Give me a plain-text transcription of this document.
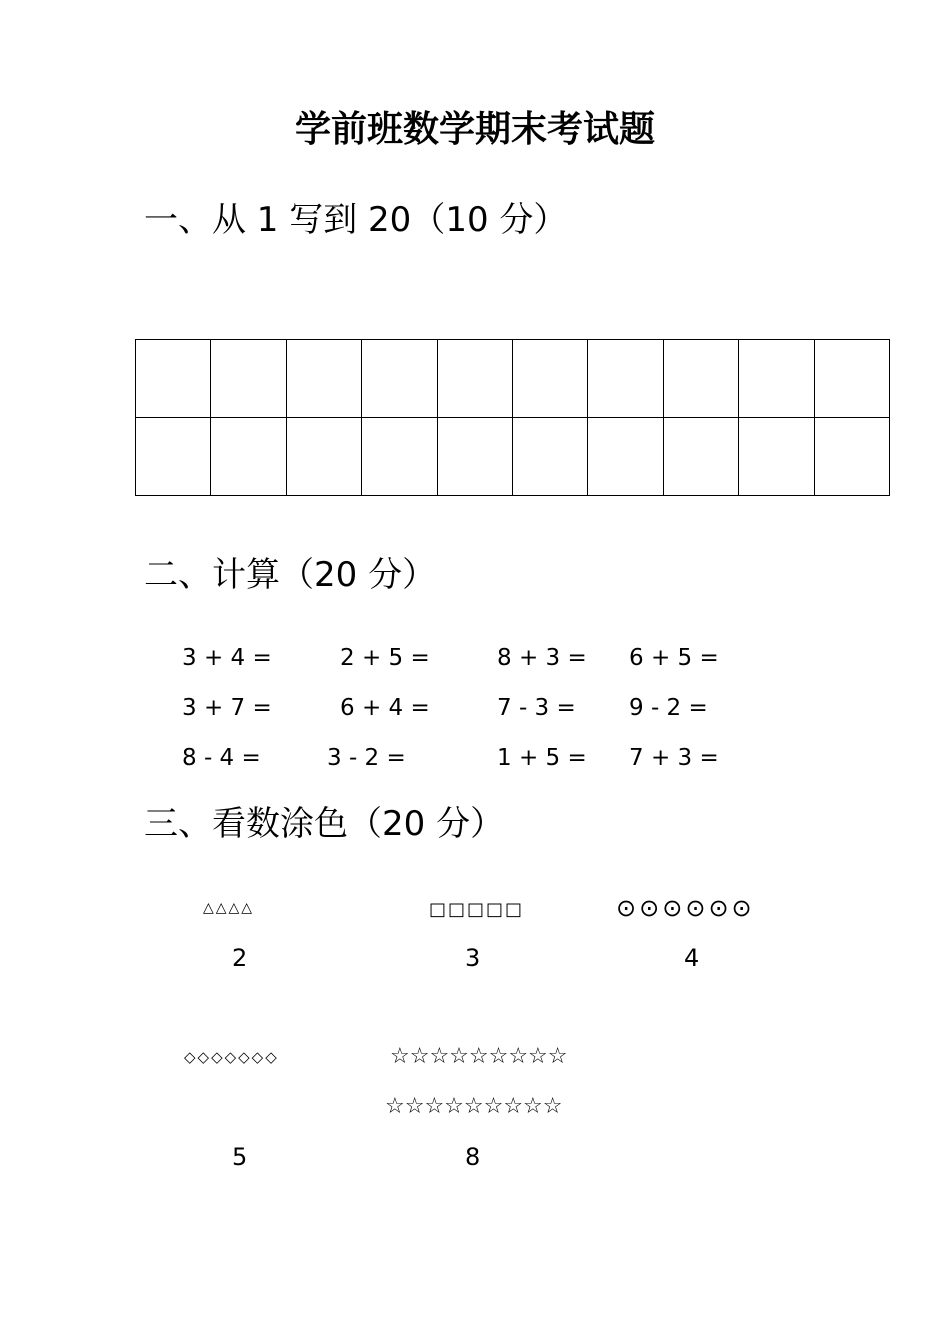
学前班数学期末考试题
一、从 1 写到 20（10 分）

二、计算（20 分）
3 + 4 =	2 + 5 =	8 + 3 = 6 + 5 =
3 + 7 =	6 + 4 =	7 - 3 = 9 - 2 =
8 - 4 =	3 - 2 =	1 + 5 = 7 + 3 =
三、看数涂色（20 分）
△△△△	□□□□□	⊙⊙⊙⊙⊙⊙
2	3	4
◇◇◇◇◇◇◇	☆☆☆☆☆☆☆☆☆
☆☆☆☆☆☆☆☆☆
5	8
